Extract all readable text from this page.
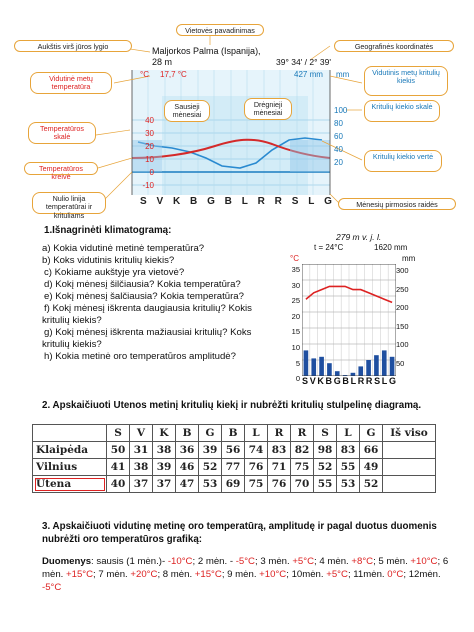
Vietovės pavadinimas
Aukštis virš jūros lygio	Geografinės koordinatės
Vidutinė metų temperatūra
Vidutinis metų kritulių kiekis
Temperatūros skalė
Kritulių kiekio skalė
Temperatūros kreivė
Kritulių kiekio vertė
Nulio linija temperatūrai ir krituliams
Mėnesių pirmosios raidės
Sausieji mėnesiai
Drėgnieji mėnesiai
Maljorkos Palma (Ispanija),
28 m	39° 34' / 2° 39'
17,7 °C	427 mm
°C	mm
40
30
20
10
0
-10
100
80
60
40
20
S V K B G B L R R S L G
1.Išnagrinėti klimatogramą:
a) Kokia vidutinė metinė temperatūra?
b) Koks vidutinis kritulių kiekis?
c) Kokiame aukštyje yra vietovė?
d) Kokį mėnesį šilčiausia? Kokia temperatūra?
e) Kokį mėnesį šalčiausia? Kokia temperatūra?
f) Kokį mėnesį iškrenta daugiausia kritulių? Kokis
kritulių kiekis?
g) Kokį mėnesį iškrenta mažiausiai kritulių? Koks
kritulių kiekis?
h) Kokia metinė oro temperatūros amplitudė?
279 m v. j. l.
t = 24°C	1620 mm
°C	mm
35
30
25
20
15
10
5
0
300
250
200
150
100
50
S V K B G B L R R S L G
2. Apskaičiuoti Utenos metinį kritulių kiekį ir nubrėžti kritulių stulpelinę diagramą.
	S	V	K	B	G	B	L	R	R	S	L	G	Iš viso
Klaipėda	50	31	38	36	39	56	74	83	82	98	83	66	
Vilnius	41	38	39	46	52	77	76	71	75	52	55	49	
Utena	40	37	37	47	53	69	75	76	70	55	53	52	
3. Apskaičiuoti vidutinę metinę oro temperatūrą, amplitudę ir pagal duotus duomenis nubrėžti oro temperatūros grafiką:
Duomenys: sausis (1 mėn.)- -10°C; 2 mėn. - -5°C; 3 mėn. +5°C; 4 mėn. +8°C; 5 mėn. +10°C; 6 mėn. +15°C; 7 mėn. +20°C; 8 mėn. +15°C; 9 mėn. +10°C; 10mėn. +5°C; 11mėn. 0°C; 12mėn. -5°C
